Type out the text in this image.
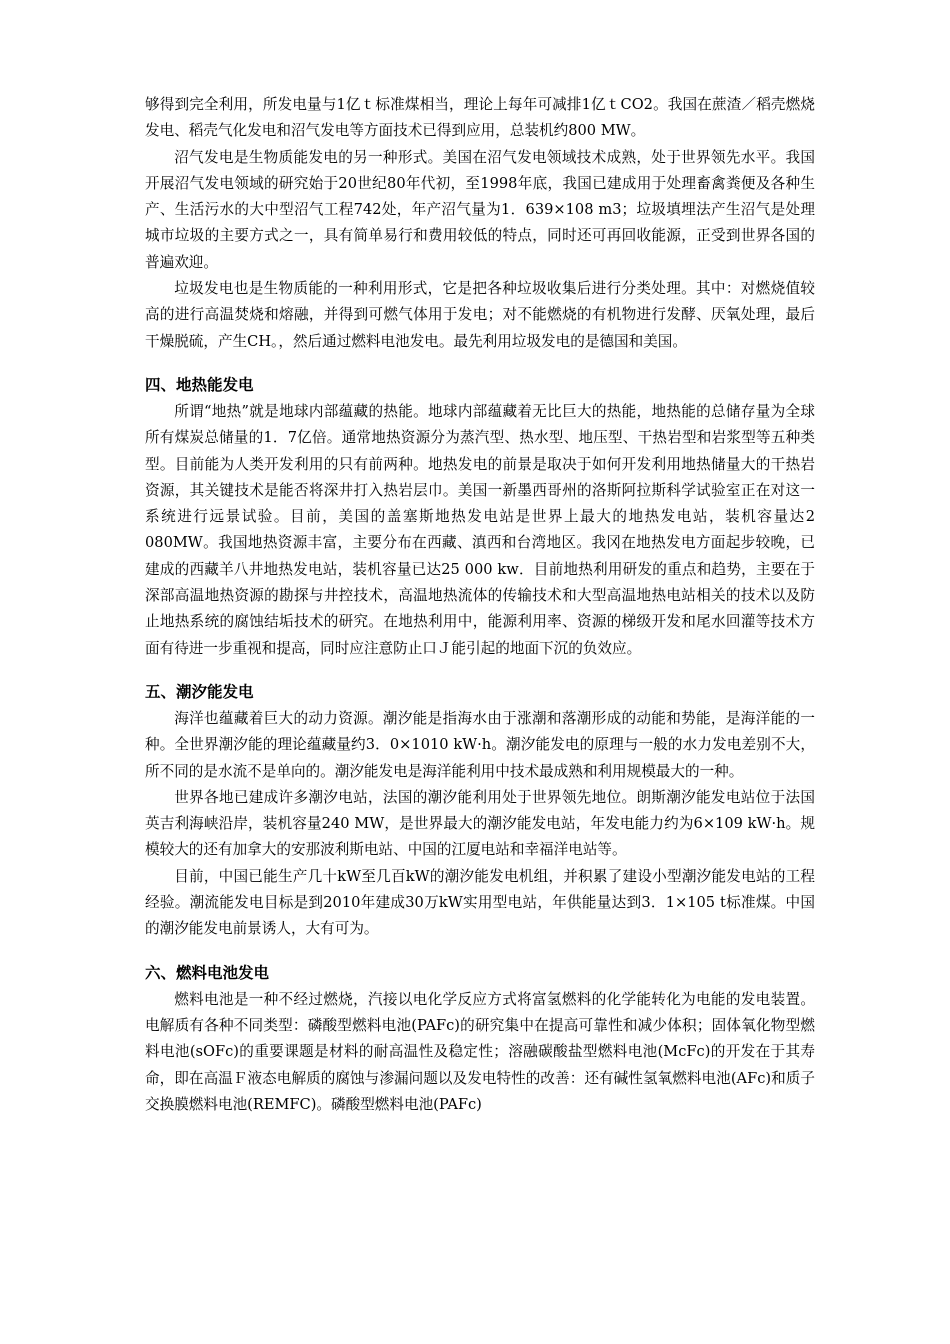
够得到完全利用，所发电量与1亿ｔ标准煤相当，理论上每年可减排1亿ｔCO2。我国在蔗渣／稻壳燃烧发电、稻壳气化发电和沼气发电等方面技术已得到应用，总装机约800 MW。

沼气发电是生物质能发电的另一种形式。美国在沼气发电领域技术成熟，处于世界领先水平。我国开展沼气发电领域的研究始于20世纪80年代初，至1998年底，我国已建成用于处理畜禽粪便及各种生产、生活污水的大中型沼气工程742处，年产沼气量为1．639×108 m3；垃圾填埋法产生沼气是处理城市垃圾的主要方式之一，具有简单易行和费用较低的特点，同时还可再回收能源，正受到世界各国的普遍欢迎。

垃圾发电也是生物质能的一种利用形式，它是把各种垃圾收集后进行分类处理。其中：对燃烧值较高的进行高温焚烧和熔融，并得到可燃气体用于发电；对不能燃烧的有机物进行发酵、厌氧处理，最后干燥脱硫，产生CH。，然后通过燃料电池发电。最先利用垃圾发电的是德国和美国。

四、地热能发电

所谓“地热”就是地球内部蕴藏的热能。地球内部蕴藏着无比巨大的热能，地热能的总储存量为全球所有煤炭总储量的1．7亿倍。通常地热资源分为蒸汽型、热水型、地压型、干热岩型和岩浆型等五种类型。目前能为人类开发利用的只有前两种。地热发电的前景是取决于如何开发利用地热储量大的干热岩资源，其关键技术是能否将深井打入热岩层巾。美国一新墨西哥州的洛斯阿拉斯科学试验室正在对这一系统进行远景试验。目前，美国的盖塞斯地热发电站是世界上最大的地热发电站，装机容量达2 080MW。我国地热资源丰富，主要分布在西藏、滇西和台湾地区。我冈在地热发电方面起步较晚，已建成的西藏羊八井地热发电站，装机容量已达25 000 kw．目前地热利用研发的重点和趋势，主要在于深部高温地热资源的勘探与井控技术，高温地热流体的传输技术和大型高温地热电站相关的技术以及防止地热系统的腐蚀结垢技术的研究。在地热利用中，能源利用率、资源的梯级开发和尾水回灌等技术方面有待进一步重视和提高，同时应注意防止口Ｊ能引起的地面下沉的负效应。

五、潮汐能发电

海洋也蕴藏着巨大的动力资源。潮汐能是指海水由于涨潮和落潮形成的动能和势能，是海洋能的一种。全世界潮汐能的理论蕴藏量约3．0×1010 kW·h。潮汐能发电的原理与一般的水力发电差别不大，所不同的是水流不是单向的。潮汐能发电是海洋能利用中技术最成熟和利用规模最大的一种。

世界各地已建成许多潮汐电站，法国的潮汐能利用处于世界领先地位。朗斯潮汐能发电站位于法国英吉利海峡沿岸，装机容量240 MW，是世界最大的潮汐能发电站，年发电能力约为6×109 kW·h。规模较大的还有加拿大的安那波利斯电站、中国的江厦电站和幸福洋电站等。

目前，中国已能生产几十kW至几百kW的潮汐能发电机组，并积累了建设小型潮汐能发电站的工程经验。潮流能发电目标是到2010年建成30万kW实用型电站，年供能量达到3．1×105 t标准煤。中国的潮汐能发电前景诱人，大有可为。

六、燃料电池发电

燃料电池是一种不经过燃烧，汽接以电化学反应方式将富氢燃料的化学能转化为电能的发电装置。电解质有各种不同类型：磷酸型燃料电池(PAFc)的研究集中在提高可靠性和减少体积；固体氧化物型燃料电池(sOFc)的重要课题是材料的耐高温性及稳定性；溶融碳酸盐型燃料电池(McFc)的开发在于其寿命，即在高温Ｆ液态电解质的腐蚀与渗漏问题以及发电特性的改善：还有碱性氢氧燃料电池(AFc)和质子交换膜燃料电池(REMFC)。磷酸型燃料电池(PAFc)
